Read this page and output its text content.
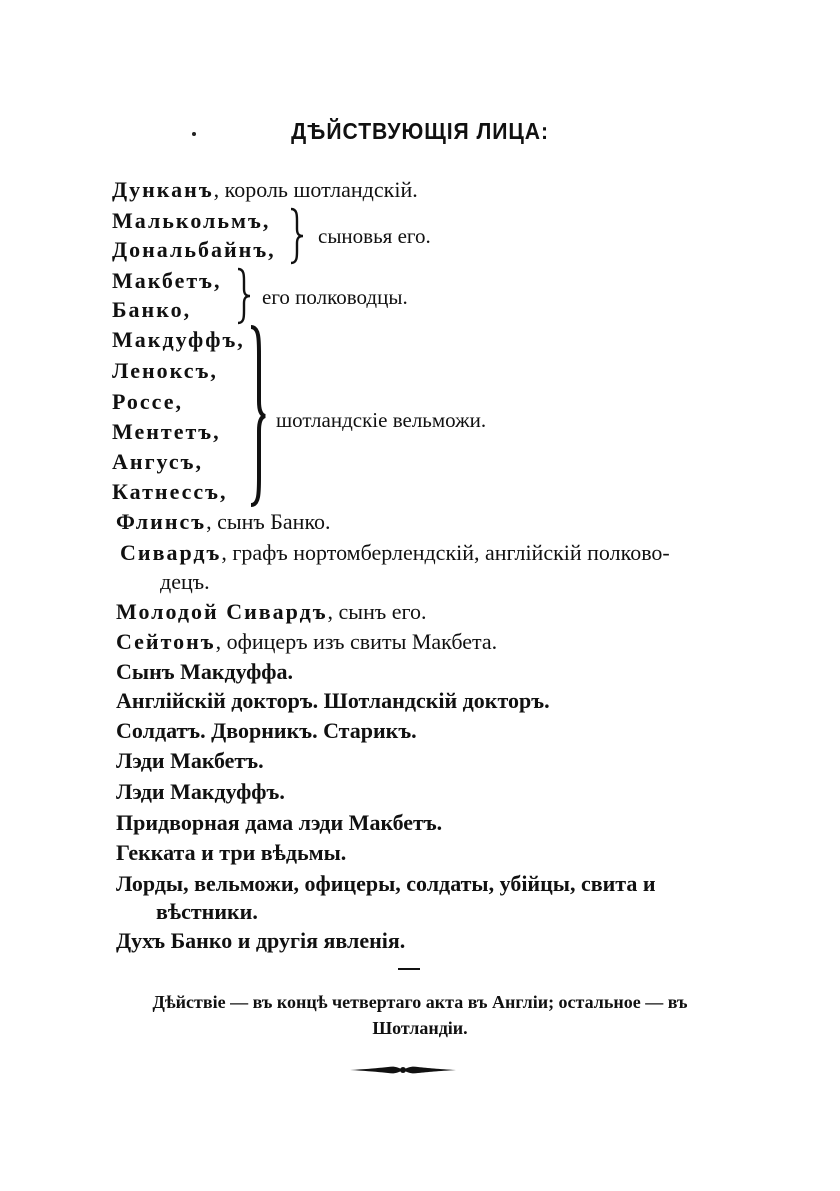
ДѢЙСТВУЮЩІЯ ЛИЦА:
Дунканъ, король шотландскій.
Малькольмъ,
Дональбайнъ,
сыновья его.
Макбетъ,
Банко,	его полководцы.
Макдуффъ,
Леноксъ,
Россе,
Ментетъ,
Ангусъ,
Катнессъ,
шотландскіе вельможи.
Флинсъ, сынъ Банко.
Сивардъ, графъ нортомберлендскій, англійскій полково-
децъ.
Молодой Сивардъ, сынъ его.
Сейтонъ, офицеръ изъ свиты Макбета.
Сынъ Макдуффа.
Англійскій докторъ. Шотландскій докторъ.
Солдатъ. Дворникъ. Старикъ.
Лэди Макбетъ.
Лэди Макдуффъ.
Придворная дама лэди Макбетъ.
Гекката и три вѣдьмы.
Лорды, вельможи, офицеры, солдаты, убійцы, свита и
вѣстники.
Духъ Банко и другія явленія.
Дѣйствіе — въ концѣ четвертаго акта въ Англіи; остальное — въ
Шотландіи.
